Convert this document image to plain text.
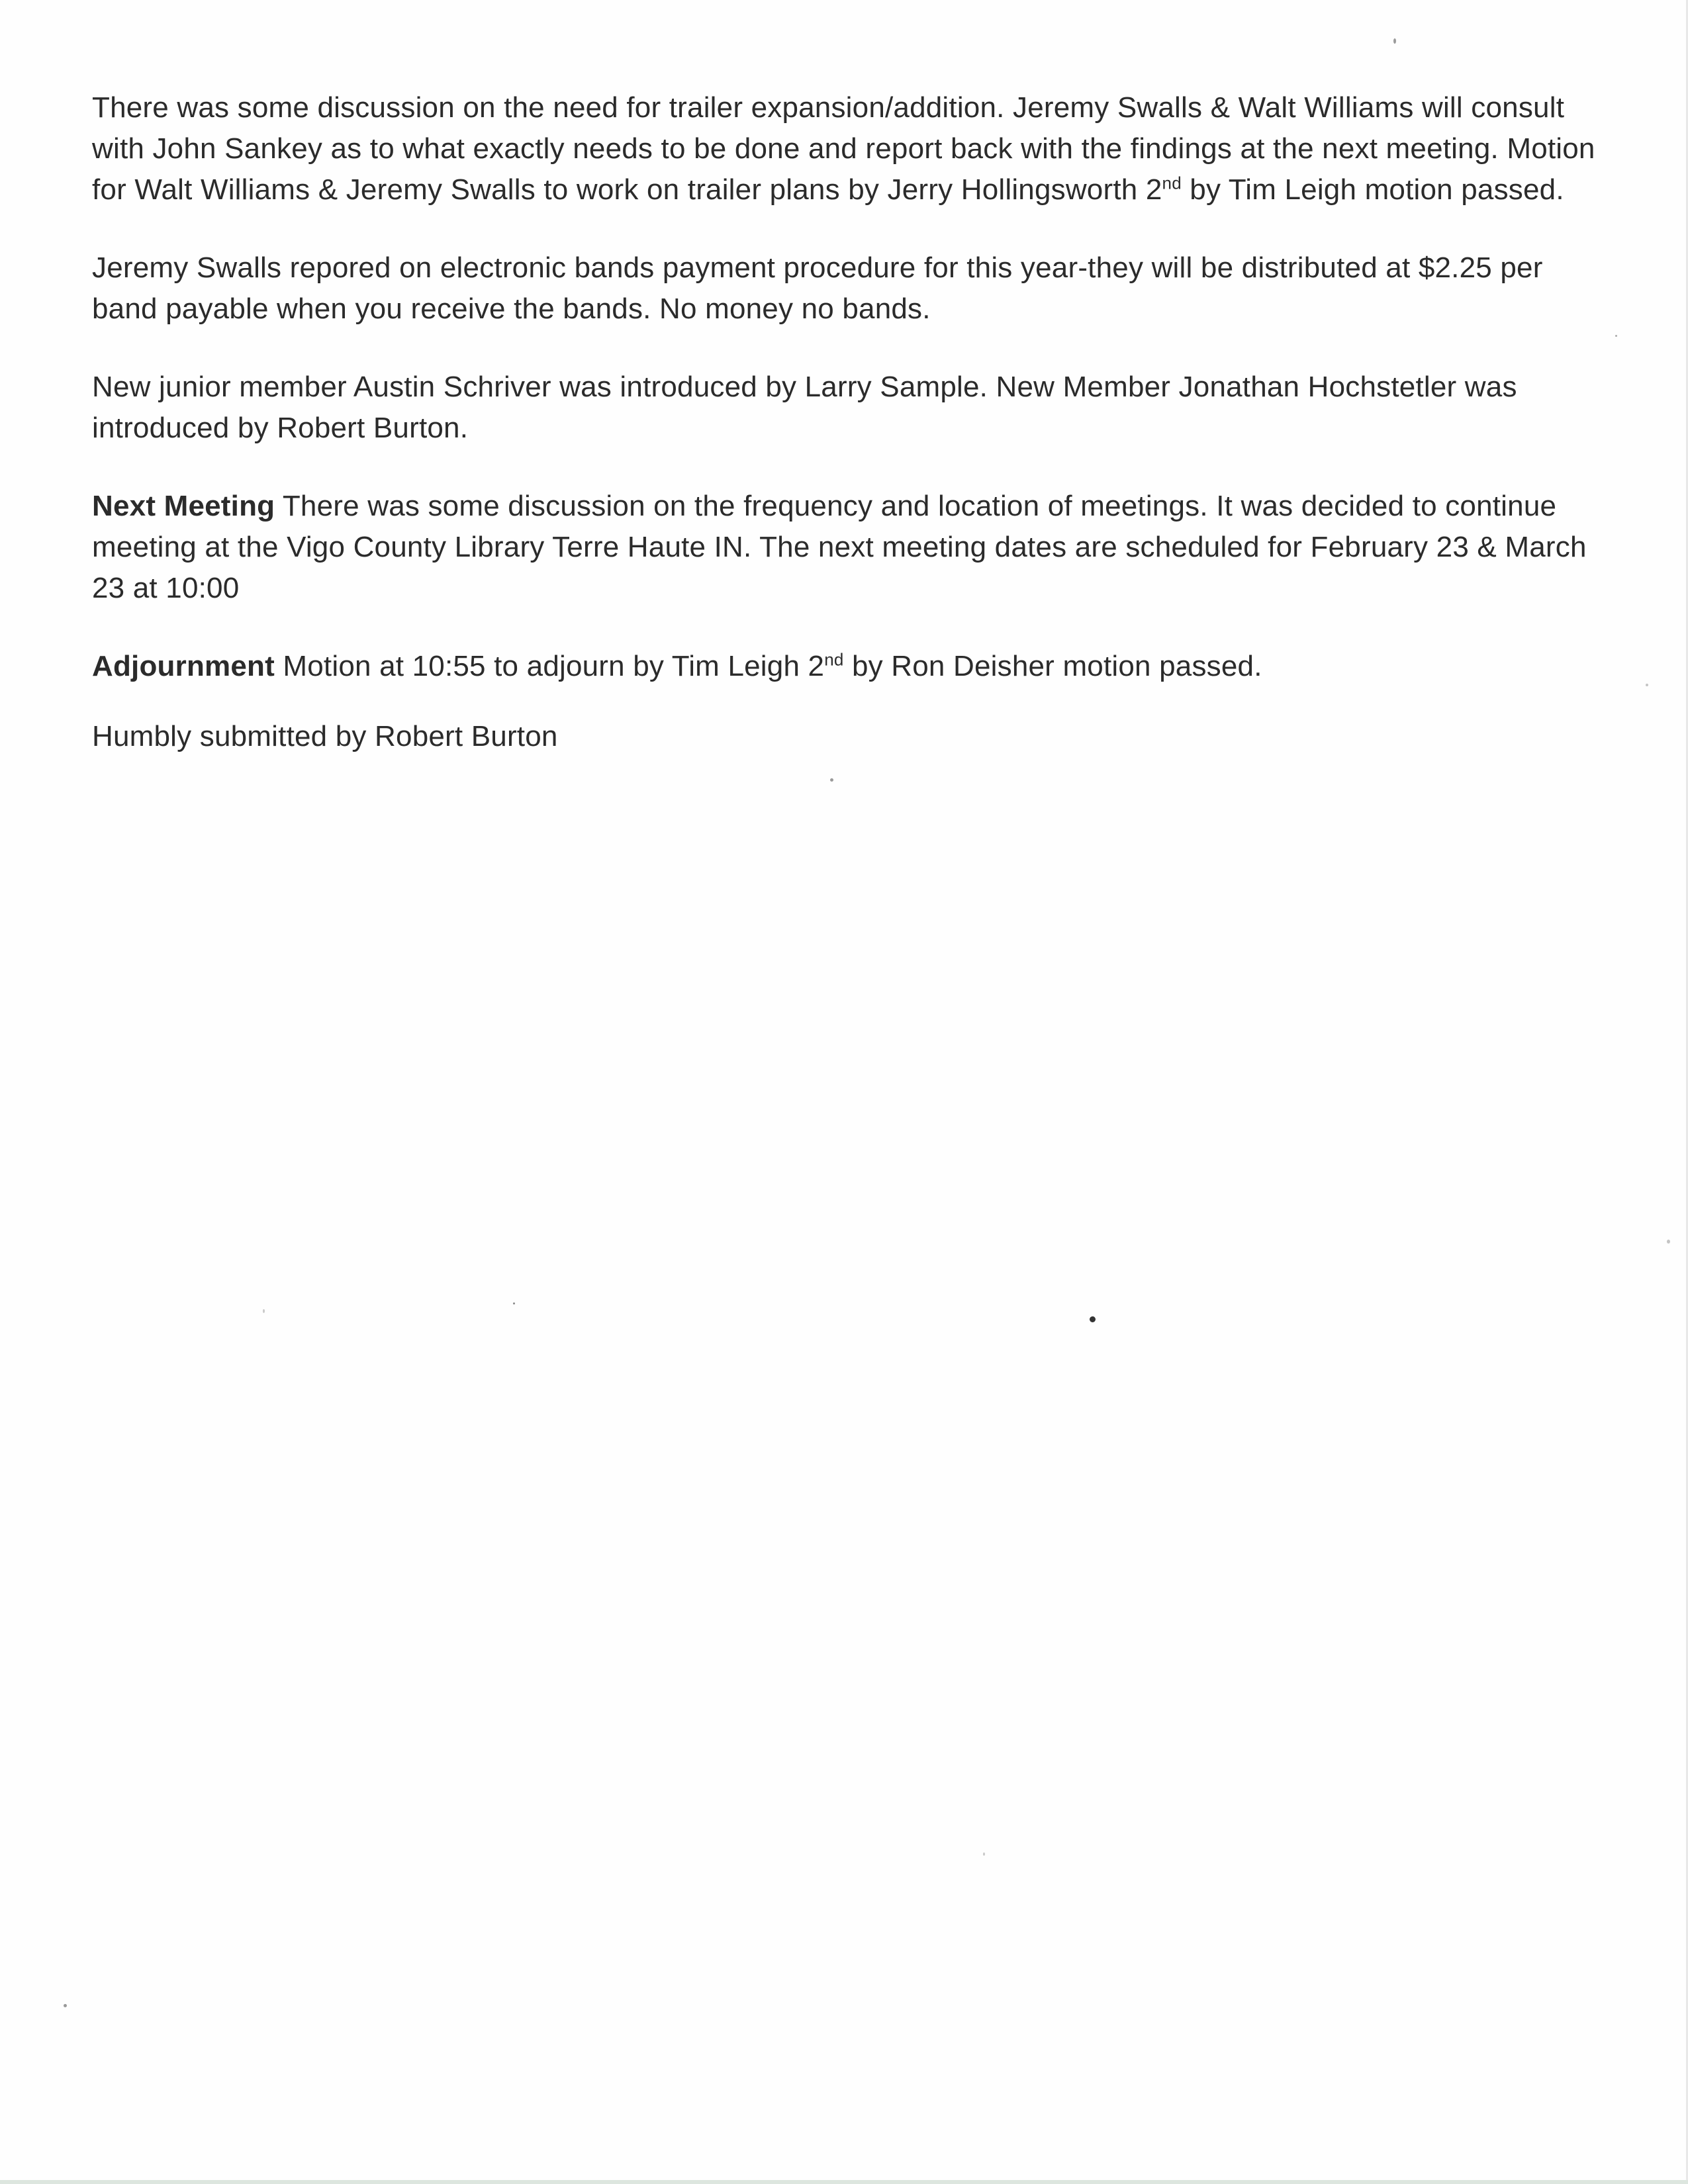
There was some discussion on the need for trailer expansion/addition. Jeremy Swalls & Walt Williams will consult with John Sankey as to what exactly needs to be done and report back with the findings at the next meeting. Motion for Walt Williams & Jeremy Swalls to work on trailer plans by Jerry Hollingsworth 2nd by Tim Leigh motion passed.

Jeremy Swalls repored on electronic bands payment procedure for this year-they will be distributed at $2.25 per band payable when you receive the bands. No money no bands.

New junior member Austin Schriver was introduced by Larry Sample. New Member Jonathan Hochstetler was introduced by Robert Burton.

Next Meeting There was some discussion on the frequency and location of meetings. It was decided to continue meeting at the Vigo County Library Terre Haute IN. The next meeting dates are scheduled for February 23 & March 23 at 10:00

Adjournment Motion at 10:55 to adjourn by Tim Leigh 2nd by Ron Deisher motion passed.

Humbly submitted by Robert Burton
